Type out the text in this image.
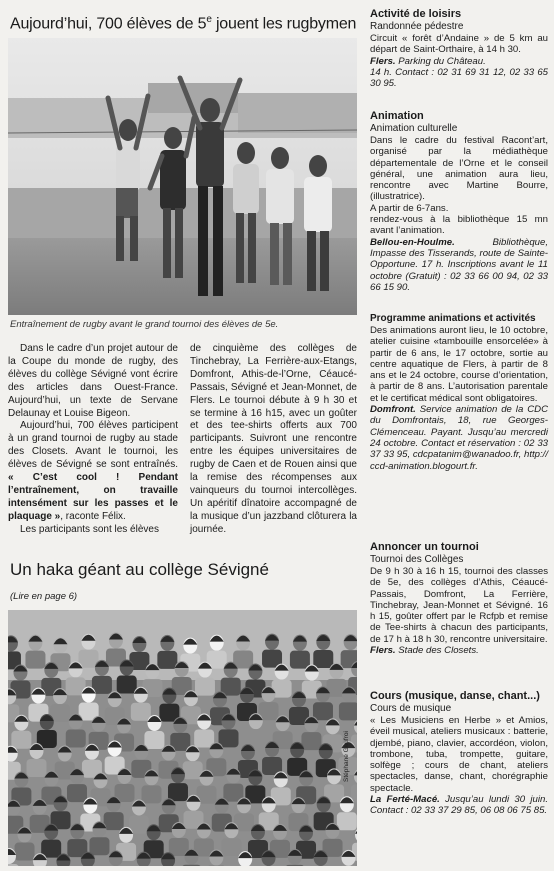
Aujourd’hui, 700 élèves de 5e jouent les rugbymen
Entraînement de rugby avant le grand tournoi des élèves de 5e.

Dans le cadre d’un projet autour de la Coupe du monde de rugby, des élèves du collège Sévigné vont écrire des articles dans Ouest-France. Aujourd’hui, un texte de Servane Delaunay et Louise Bigeon.

Aujourd’hui, 700 élèves participent à un grand tournoi de rugby au stade des Closets. Avant le tournoi, les élèves de Sévigné se sont entraînés. « C’est cool ! Pendant l’entraînement, on travaille intensément sur les passes et le plaquage », raconte Félix.

Les participants sont les élèves

de cinquième des collèges de Tinchebray, La Ferrière-aux-Etangs, Domfront, Athis-de-l’Orne, Céaucé-Passais, Sévigné et Jean-Monnet, de Flers. Le tournoi débute à 9 h 30 et se termine à 16 h15, avec un goûter et des tee-shirts offerts aux 700 participants. Suivront une rencontre entre les équipes universitaires de rugby de Caen et de Rouen ainsi que la remise des récompenses aux vainqueurs du tournoi intercollèges. Un apéritif dînatoire accompagné de la musique d’un jazzband clôturera la journée.

Un haka géant au collège Sévigné
(Lire en page 6)
Stéphane Geufroi
Activité de loisirs
Randonnée pédestre

Circuit « forêt d’Andaine » de 5 km au départ de Saint-Orthaire, à 14 h 30.

Flers. Parking du Château.

14 h. Contact : 02 31 69 31 12, 02 33 65 30 95.

Animation
Animation culturelle

Dans le cadre du festival Racont’art, organisé par la médiathèque départementale de l’Orne et le conseil général, une animation aura lieu, rencontre avec Martine Bourre, (illustratrice).

A partir de 6-7ans.

rendez-vous à la bibliothèque 15 mn avant l’animation.

Bellou-en-Houlme. Bibliothèque, Impasse des Tisserands, route de Sainte-Opportune. 17 h. Inscriptions avant le 11 octobre (Gratuit) : 02 33 66 00 94, 02 33 66 15 90.

Programme animations et activités

Des animations auront lieu, le 10 octobre, atelier cuisine «tambouille ensorcelée» à partir de 6 ans, le 17 octobre, sortie au centre aquatique de Flers, à partir de 8 ans et le 24 octobre, course d’orientation, à partir de 8 ans. L’autorisation parentale et le certificat médical sont obligatoires.

Domfront. Service animation de la CDC du Domfrontais, 18, rue Georges-Clémenceau. Payant. Jusqu’au mercredi 24 octobre. Contact et réservation : 02 33 37 33 95, cdcpatanim@wanadoo.fr, http:// ccd-animation.blogourt.fr.

Annoncer un tournoi
Tournoi des Collèges

De 9 h 30 à 16 h 15, tournoi des classes de 5e, des collèges d’Athis, Céaucé-Passais, Domfront, La Ferrière, Tinchebray, Jean-Monnet et Sévigné. 16 h 15, goûter offert par le Rcfpb et remise de Tee-shirts à chacun des participants, de 17 h à 18 h 30, rencontre universitaire.

Flers. Stade des Closets.

Cours (musique, danse, chant...)
Cours de musique

« Les Musiciens en Herbe » et Amios, éveil musical, ateliers musicaux : batterie, djembé, piano, clavier, accordéon, violon, trombone, tuba, trompette, guitare, solfège ; cours de chant, ateliers spectacles, danse, chant, chorégraphie spectacle.

La Ferté-Macé. Jusqu’au lundi 30 juin. Contact : 02 33 37 29 85, 06 08 06 75 85.
